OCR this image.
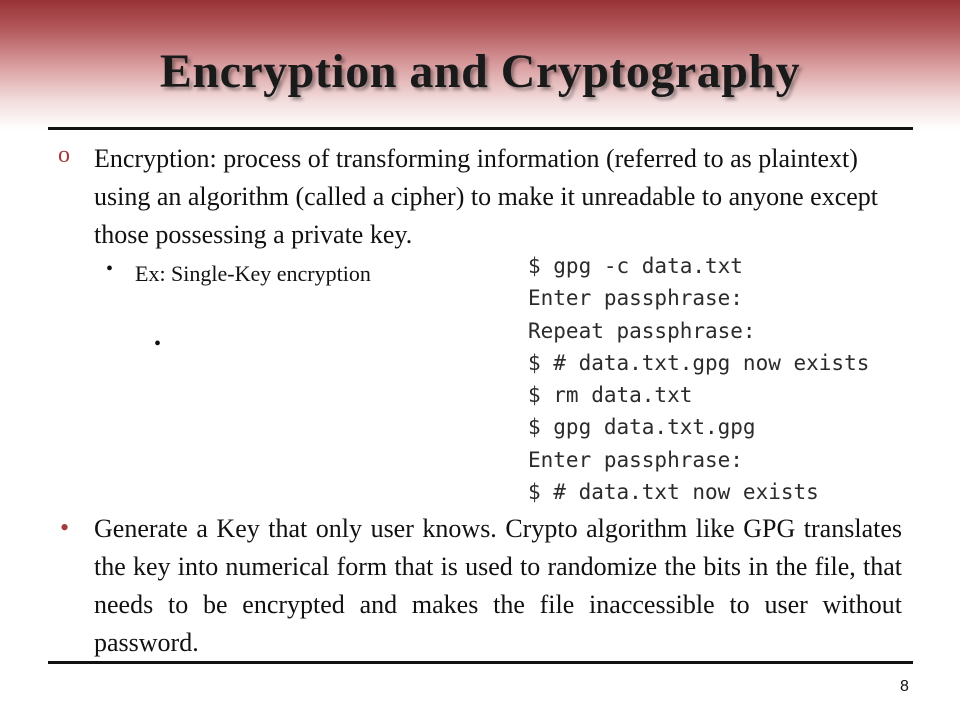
Encryption and Cryptography
o Encryption: process of transforming information (referred to as plaintext) using an algorithm (called a cipher) to make it unreadable to anyone except those possessing a private key.
• Ex: Single-Key encryption
•
$ gpg -c data.txt
Enter passphrase:
Repeat passphrase:
$ # data.txt.gpg now exists
$ rm data.txt
$ gpg data.txt.gpg
Enter passphrase:
$ # data.txt now exists
• Generate a Key that only user knows. Crypto algorithm like GPG translates the key into numerical form that is used to randomize the bits in the file, that needs to be encrypted and makes the file inaccessible to user without password.
8
